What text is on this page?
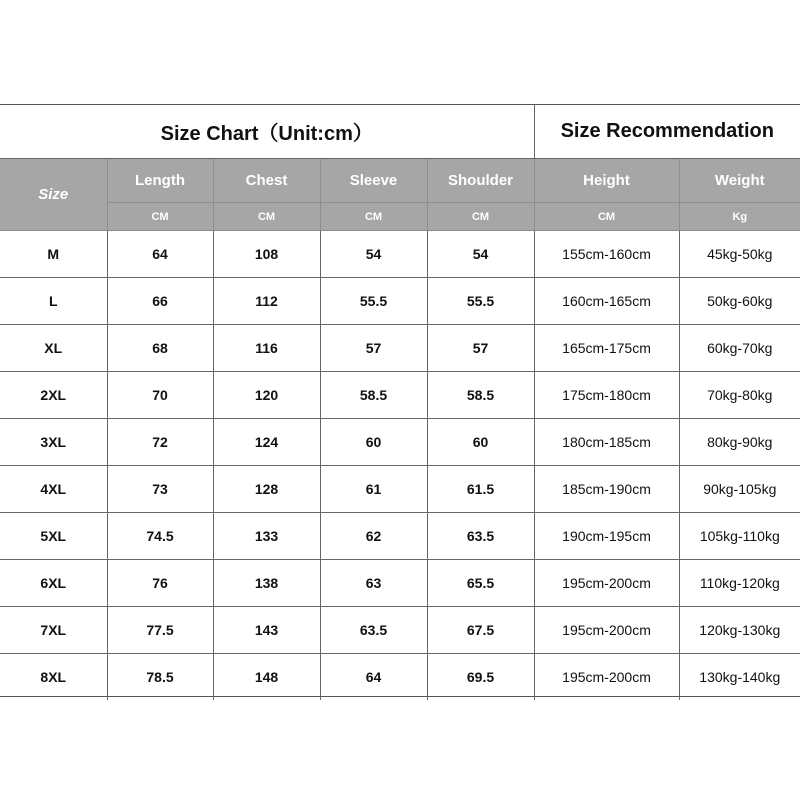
Size Chart（Unit:cm）					Size Recommendation	
Size	Length	Chest	Sleeve	Shoulder	Height	Weight
	CM	CM	CM	CM	CM	Kg
M	64	108	54	54	155cm-160cm	45kg-50kg
L	66	112	55.5	55.5	160cm-165cm	50kg-60kg
XL	68	116	57	57	165cm-175cm	60kg-70kg
2XL	70	120	58.5	58.5	175cm-180cm	70kg-80kg
3XL	72	124	60	60	180cm-185cm	80kg-90kg
4XL	73	128	61	61.5	185cm-190cm	90kg-105kg
5XL	74.5	133	62	63.5	190cm-195cm	105kg-110kg
6XL	76	138	63	65.5	195cm-200cm	110kg-120kg
7XL	77.5	143	63.5	67.5	195cm-200cm	120kg-130kg
8XL	78.5	148	64	69.5	195cm-200cm	130kg-140kg
